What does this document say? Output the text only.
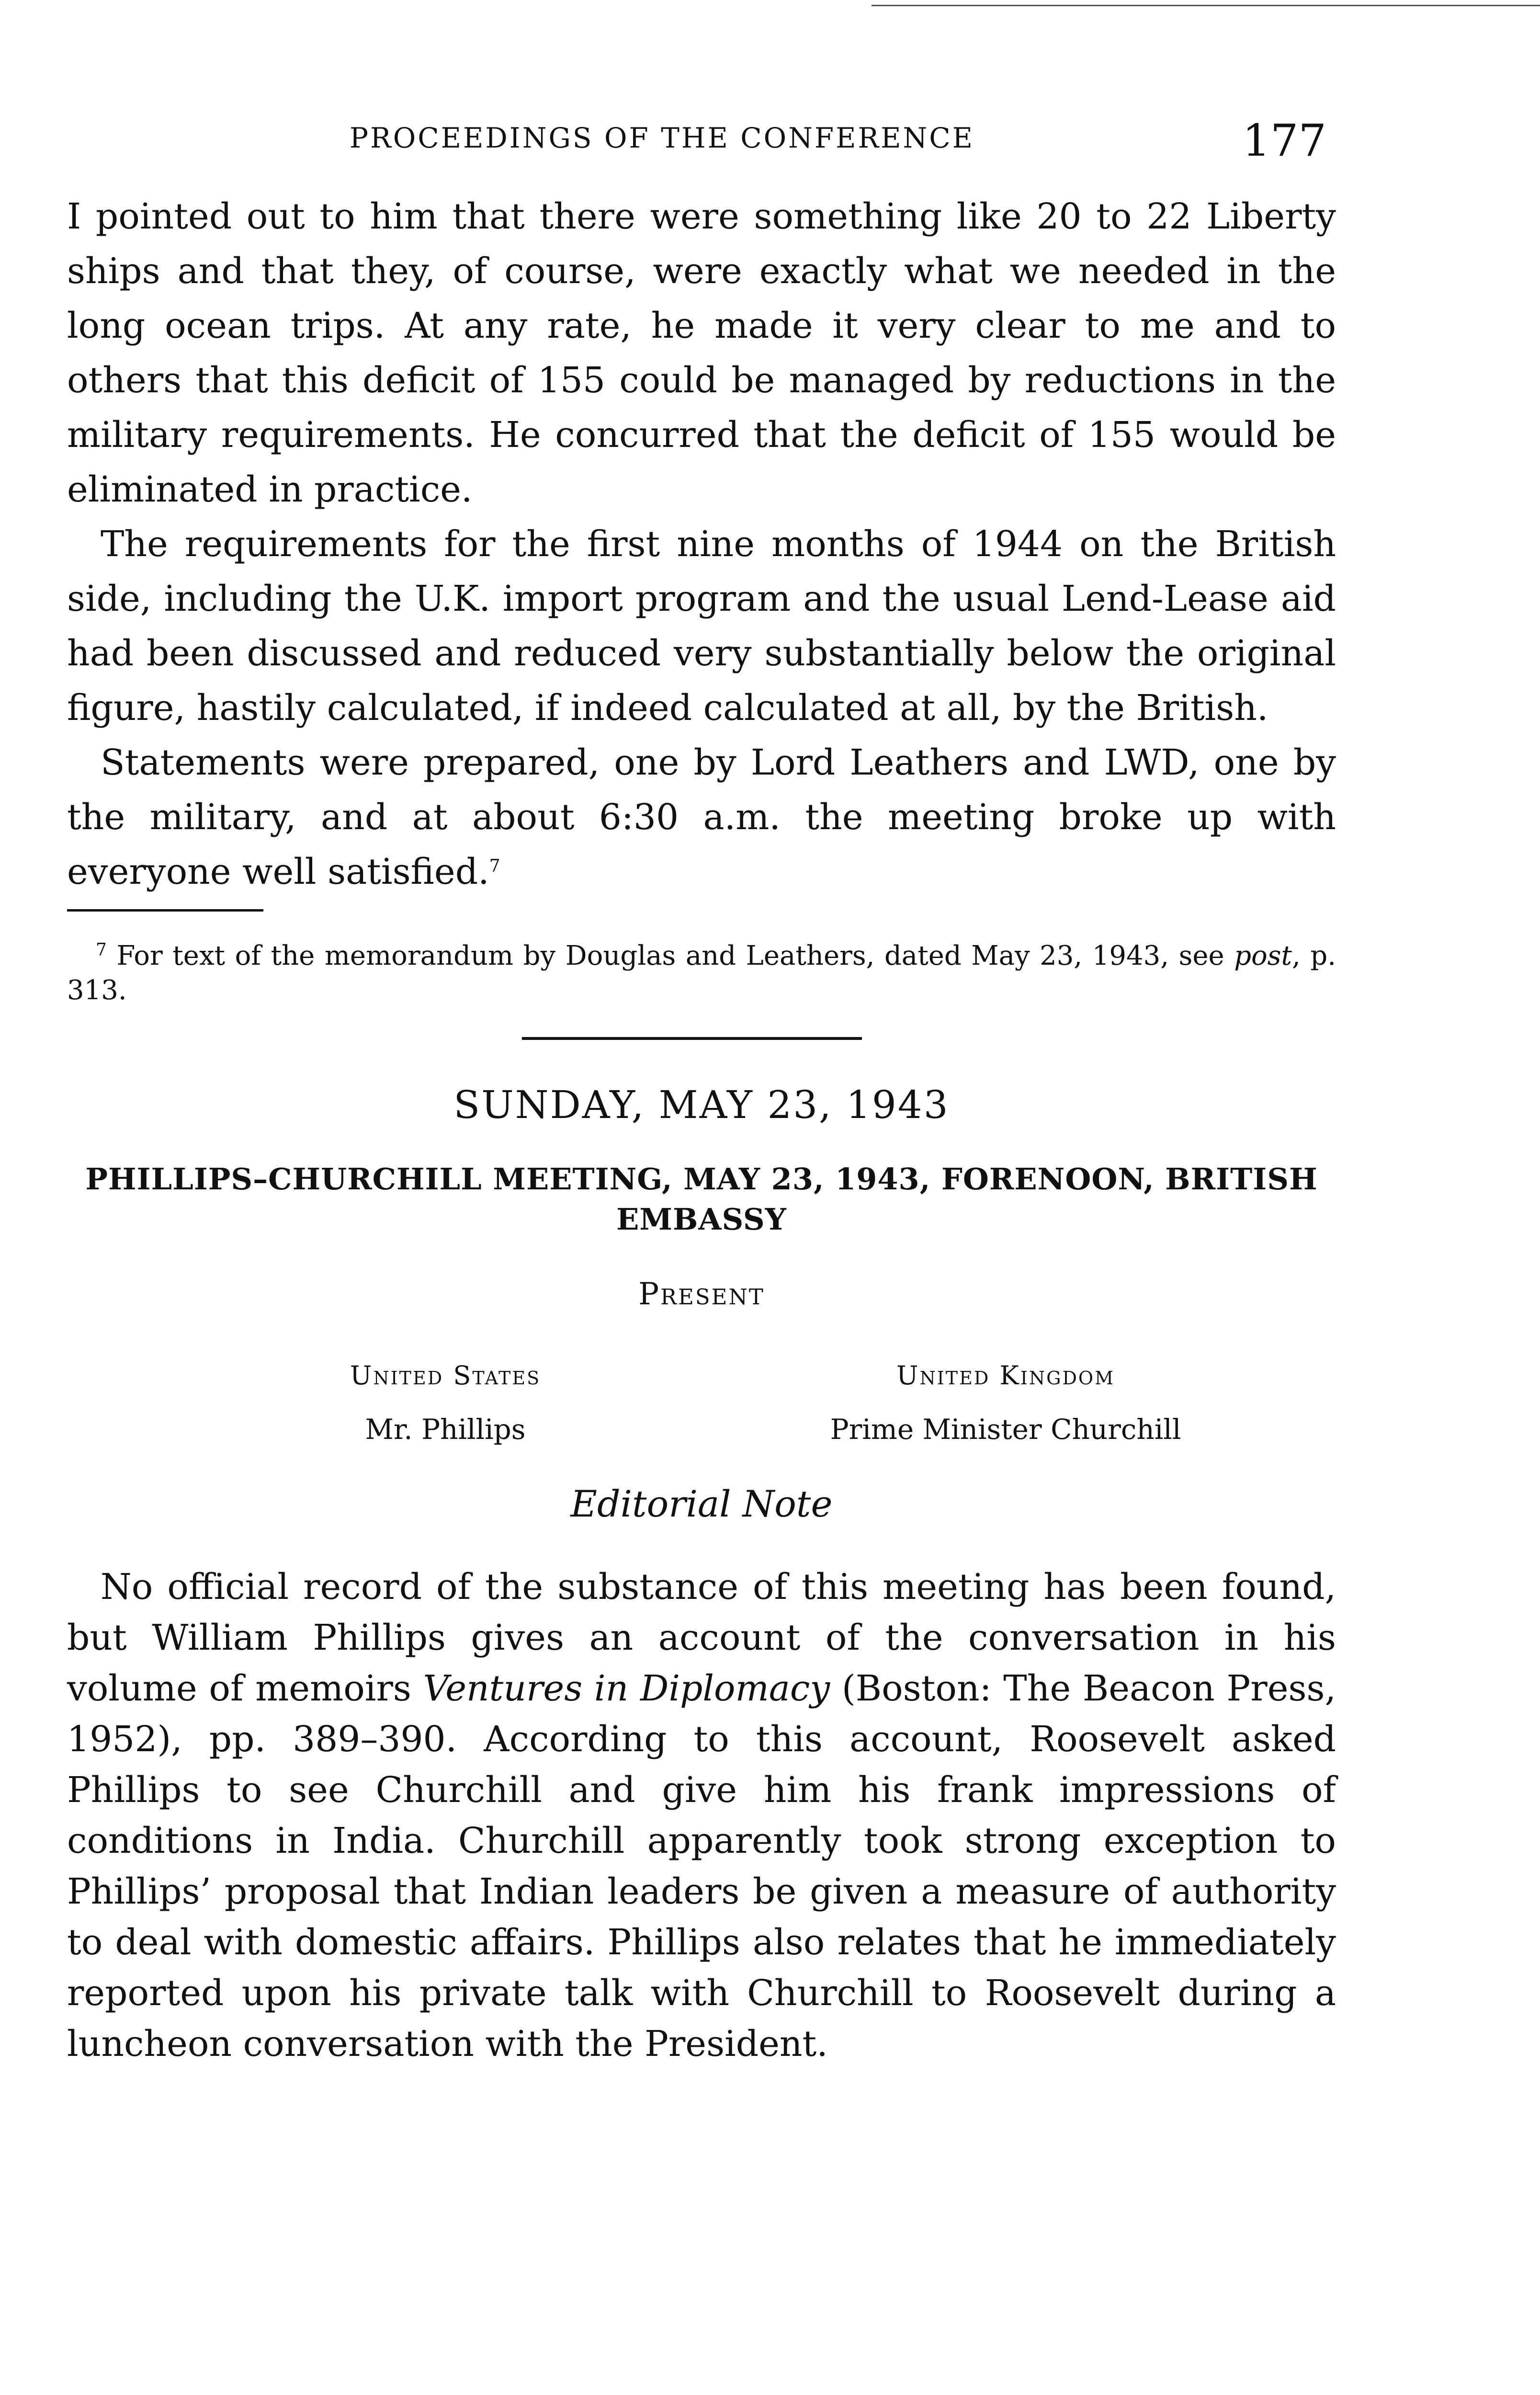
PROCEEDINGS OF THE CONFERENCE	177

I pointed out to him that there were something like 20 to 22 Liberty ships and that they, of course, were exactly what we needed in the long ocean trips. At any rate, he made it very clear to me and to others that this deficit of 155 could be managed by reductions in the military requirements. He concurred that the deficit of 155 would be eliminated in practice.

The requirements for the first nine months of 1944 on the British side, including the U.K. import program and the usual Lend-Lease aid had been discussed and reduced very substantially below the original figure, hastily calculated, if indeed calculated at all, by the British.

Statements were prepared, one by Lord Leathers and LWD, one by the military, and at about 6:30 a.m. the meeting broke up with everyone well satisfied.$^7$

$^7$ For text of the memorandum by Douglas and Leathers, dated May 23, 1943, see post, p. 313.

SUNDAY, MAY 23, 1943
PHILLIPS–CHURCHILL MEETING, MAY 23, 1943, FORENOON, BRITISH EMBASSY
Present
United States	United Kingdom
Mr. Phillips	Prime Minister Churchill
Editorial Note

No official record of the substance of this meeting has been found, but William Phillips gives an account of the conversation in his volume of memoirs Ventures in Diplomacy (Boston: The Beacon Press, 1952), pp. 389–390. According to this account, Roosevelt asked Phillips to see Churchill and give him his frank impressions of conditions in India. Churchill apparently took strong exception to Phillips’ proposal that Indian leaders be given a measure of authority to deal with domestic affairs. Phillips also relates that he immediately reported upon his private talk with Churchill to Roosevelt during a luncheon conversation with the President.
